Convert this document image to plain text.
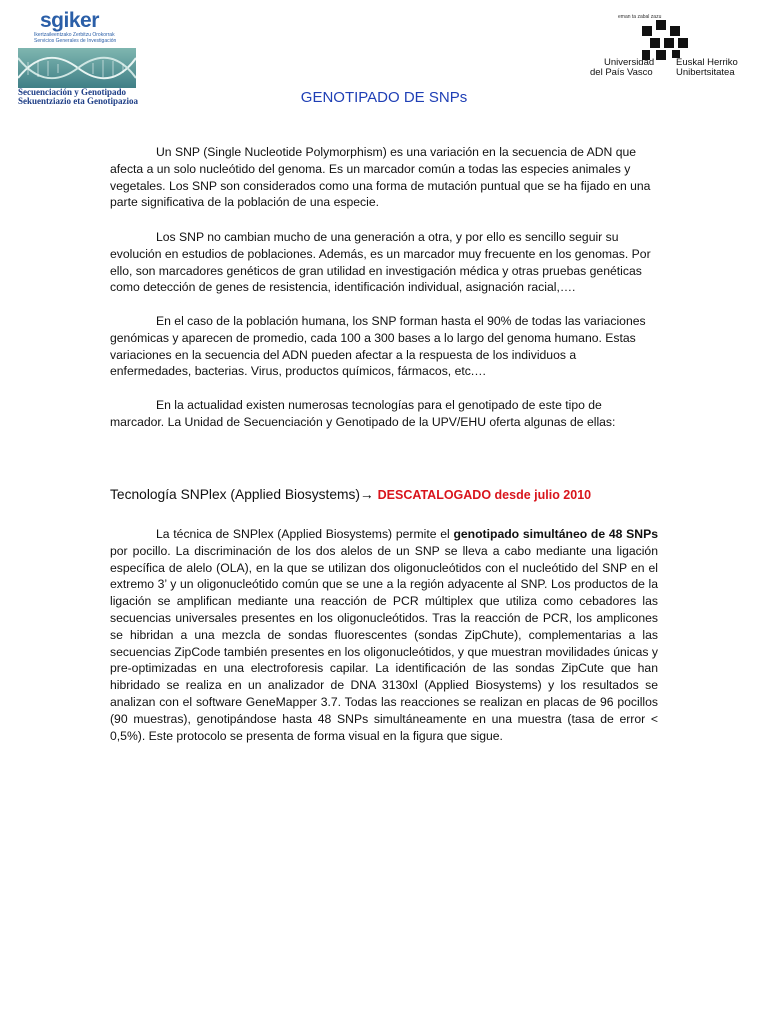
sgiker
Ikertzaileentzako Zerbitzu Orokorrak Servicios Generales de Investigación
Secuenciación y Genotipado
Sekuentziazio eta Genotipazioa
eman ta zabal zazu
Universidad
del País Vasco
Euskal Herriko
Unibertsitatea
GENOTIPADO DE SNPs

Un SNP (Single Nucleotide Polymorphism) es una variación en la secuencia de ADN que afecta a un solo nucleótido del genoma. Es un marcador común a todas las especies animales y vegetales. Los SNP son considerados como una forma de mutación puntual que se ha fijado en una parte significativa de la población de una especie.

Los SNP no cambian mucho de una generación a otra, y por ello es sencillo seguir su evolución en estudios de poblaciones. Además, es un marcador muy frecuente en los genomas. Por ello, son marcadores genéticos de gran utilidad en investigación médica y otras pruebas genéticas como detección de genes de resistencia, identificación individual, asignación racial,….

En el caso de la población humana, los SNP forman hasta el 90% de todas las variaciones genómicas y aparecen de promedio, cada 100 a 300 bases a lo largo del genoma humano. Estas variaciones en la secuencia del ADN pueden afectar a la respuesta de los individuos a enfermedades, bacterias. Virus, productos químicos, fármacos, etc.…

En la actualidad existen numerosas tecnologías para el genotipado de este tipo de marcador. La Unidad de Secuenciación y Genotipado de la UPV/EHU oferta algunas de ellas:

Tecnología SNPlex (Applied Biosystems)→ DESCATALOGADO desde julio 2010

La técnica de SNPlex (Applied Biosystems) permite el genotipado simultáneo de 48 SNPs por pocillo. La discriminación de los dos alelos de un SNP se lleva a cabo mediante una ligación específica de alelo (OLA), en la que se utilizan dos oligonucleótidos con el nucleótido del SNP en el extremo 3’ y un oligonucleótido común que se une a la región adyacente al SNP. Los productos de la ligación se amplifican mediante una reacción de PCR múltiplex que utiliza como cebadores las secuencias universales presentes en los oligonucleótidos. Tras la reacción de PCR, los amplicones se hibridan a una mezcla de sondas fluorescentes (sondas ZipChute), complementarias a las secuencias ZipCode también presentes en los oligonucleótidos, y que muestran movilidades únicas y pre-optimizadas en una electroforesis capilar. La identificación de las sondas ZipCute que han hibridado se realiza en un analizador de DNA 3130xl (Applied Biosystems) y los resultados se analizan con el software GeneMapper 3.7. Todas las reacciones se realizan en placas de 96 pocillos (90 muestras), genotipándose hasta 48 SNPs simultáneamente en una muestra (tasa de error < 0,5%). Este protocolo se presenta de forma visual en la figura que sigue.
